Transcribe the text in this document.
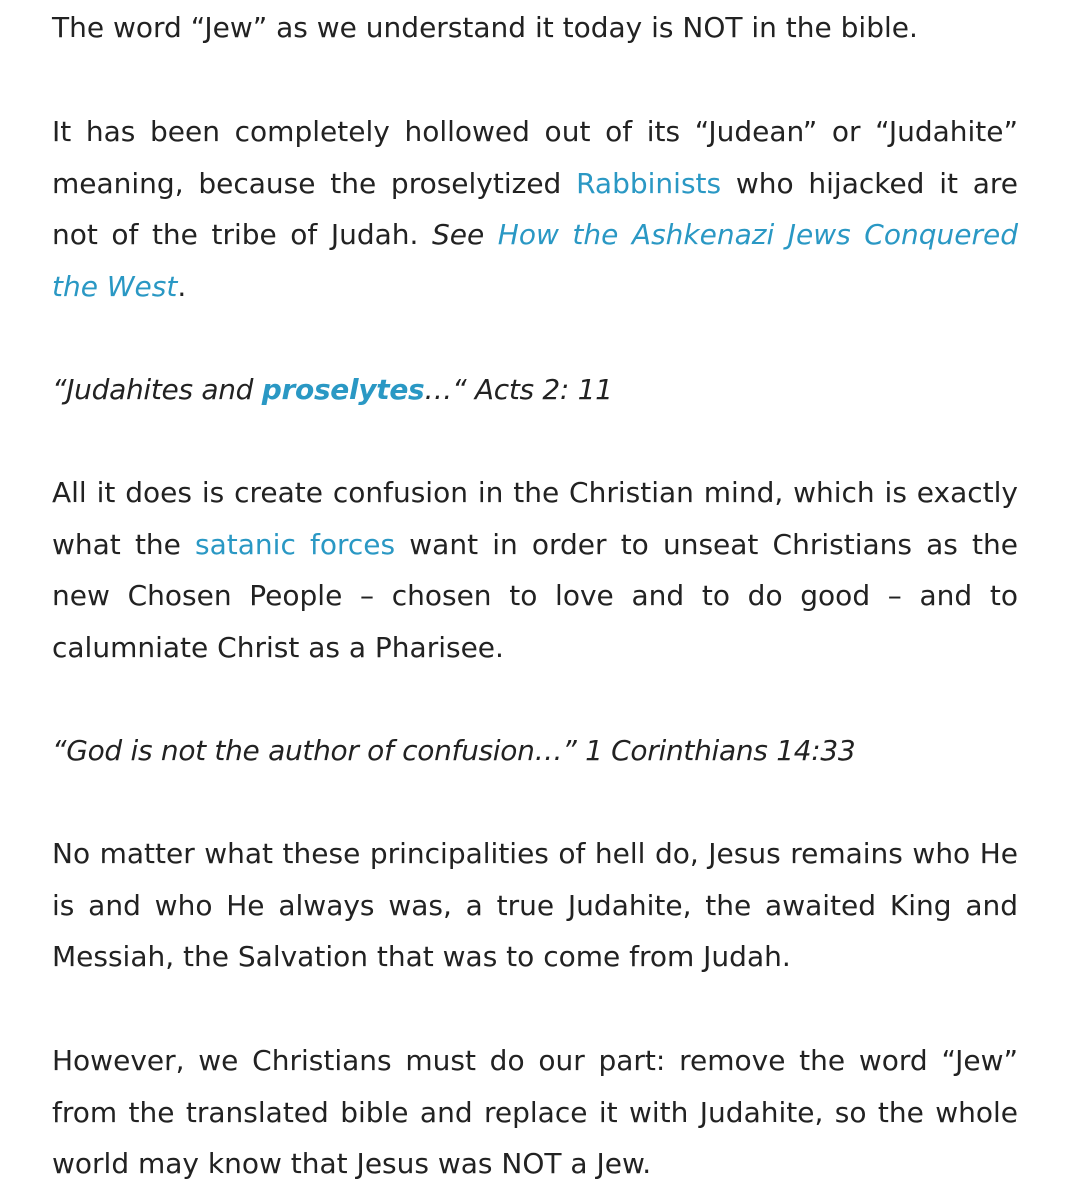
The word “Jew” as we understand it today is NOT in the bible.

It has been completely hollowed out of its “Judean” or “Judahite” meaning, because the proselytized Rabbinists who hijacked it are not of the tribe of Judah. See How the Ashkenazi Jews Conquered the West.

“Judahites and proselytes…“ Acts 2: 11

All it does is create confusion in the Christian mind, which is exactly what the satanic forces want in order to unseat Christians as the new Chosen People – chosen to love and to do good – and to calumniate Christ as a Pharisee.

“God is not the author of confusion…” 1 Corinthians 14:33

No matter what these principalities of hell do, Jesus remains who He is and who He always was, a true Judahite, the awaited King and Messiah, the Salvation that was to come from Judah.

However, we Christians must do our part: remove the word “Jew” from the translated bible and replace it with Judahite, so the whole world may know that Jesus was NOT a Jew.
